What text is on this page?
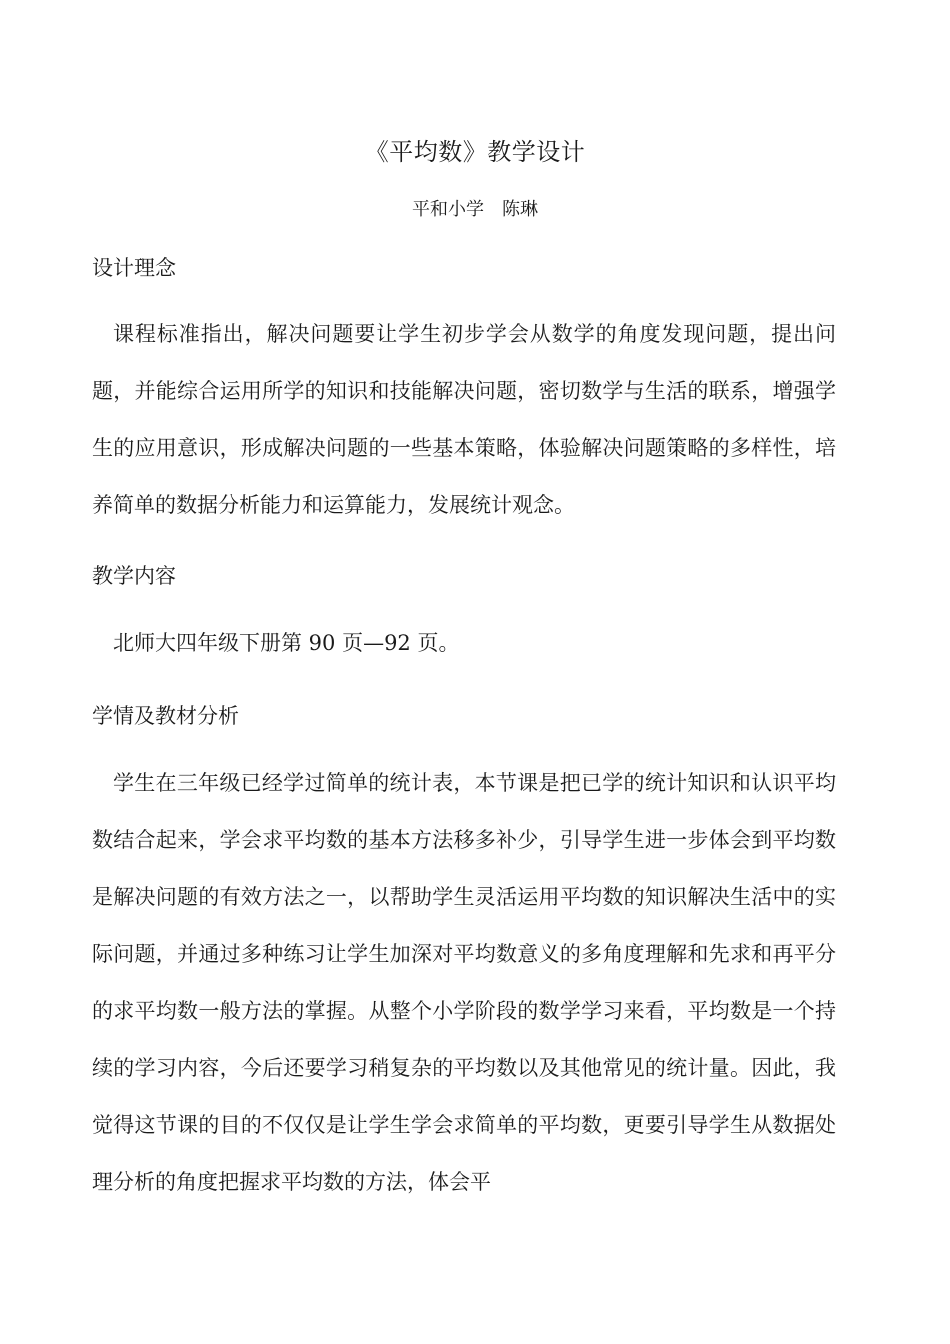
《平均数》教学设计
平和小学　陈琳
设计理念
课程标准指出，解决问题要让学生初步学会从数学的角度发现问题，提出问题，并能综合运用所学的知识和技能解决问题，密切数学与生活的联系，增强学生的应用意识，形成解决问题的一些基本策略，体验解决问题策略的多样性，培养简单的数据分析能力和运算能力，发展统计观念。
教学内容
北师大四年级下册第 90 页—92 页。
学情及教材分析
学生在三年级已经学过简单的统计表，本节课是把已学的统计知识和认识平均数结合起来，学会求平均数的基本方法移多补少，引导学生进一步体会到平均数是解决问题的有效方法之一，以帮助学生灵活运用平均数的知识解决生活中的实际问题，并通过多种练习让学生加深对平均数意义的多角度理解和先求和再平分的求平均数一般方法的掌握。从整个小学阶段的数学学习来看，平均数是一个持续的学习内容，今后还要学习稍复杂的平均数以及其他常见的统计量。因此，我觉得这节课的目的不仅仅是让学生学会求简单的平均数，更要引导学生从数据处理分析的角度把握求平均数的方法，体会平
